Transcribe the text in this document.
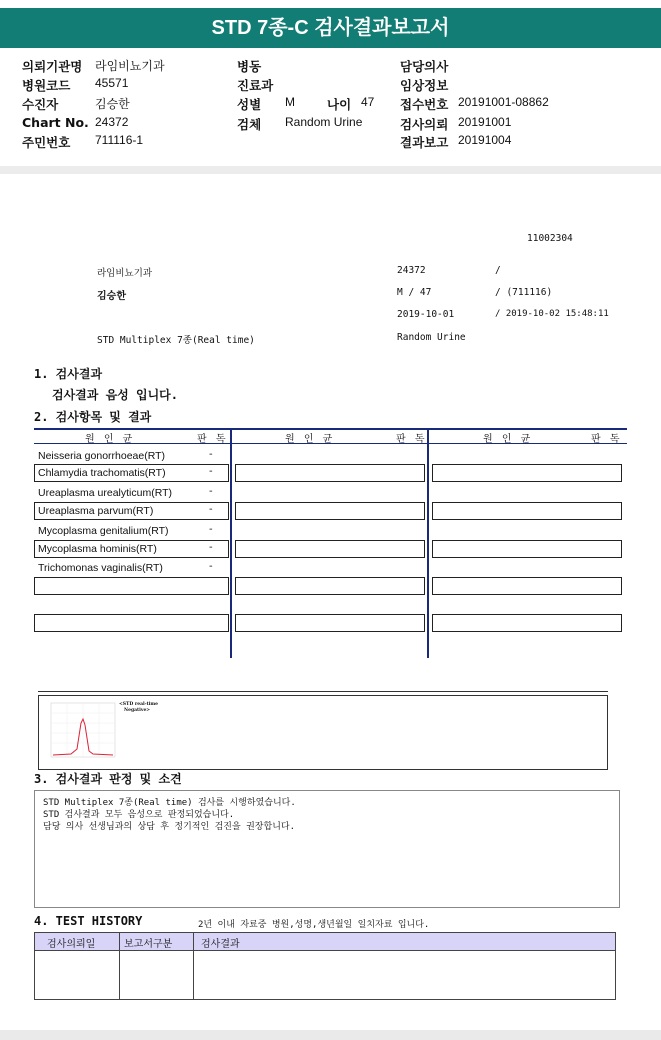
STD 7종-C 검사결과보고서
의뢰기관명 라임비뇨기과
병원코드 45571
수진자	김승한
Chart No. 24372
주민번호 711116-1
병동
진료과
성별 M	나이 47
검체 Random Urine
담당의사
임상정보
접수번호 20191001-08862
검사의뢰 20191001
결과보고 20191004
11002304
라임비뇨기과	24372	/
김승한	M / 47	/ (711116)
2019-10-01	/ 2019-10-02 15:48:11
STD Multiplex 7종(Real time)	Random Urine
1. 검사결과
검사결과 음성 입니다.
2. 검사항목 및 결과
원 인 균	판 독	원 인 균	판 독	원 인 균	판 독
Neisseria gonorrhoeae(RT)	-
Chlamydia trachomatis(RT)	-
Ureaplasma urealyticum(RT)	-
Ureaplasma parvum(RT)	-
Mycoplasma genitalium(RT)	-
Mycoplasma hominis(RT)	-
Trichomonas vaginalis(RT)	-
<STD real-time
Negative>
3. 검사결과 판정 및 소견
STD Multiplex 7종(Real time) 검사를 시행하였습니다.
STD 검사결과 모두 음성으로 판정되었습니다.
담당 의사 선생님과의 상담 후 정기적인 검진을 권장합니다.
4. TEST HISTORY	2년 이내 자료중 병원,성명,생년월일 일치자료 입니다.
검사의뢰일	보고서구분	검사결과
